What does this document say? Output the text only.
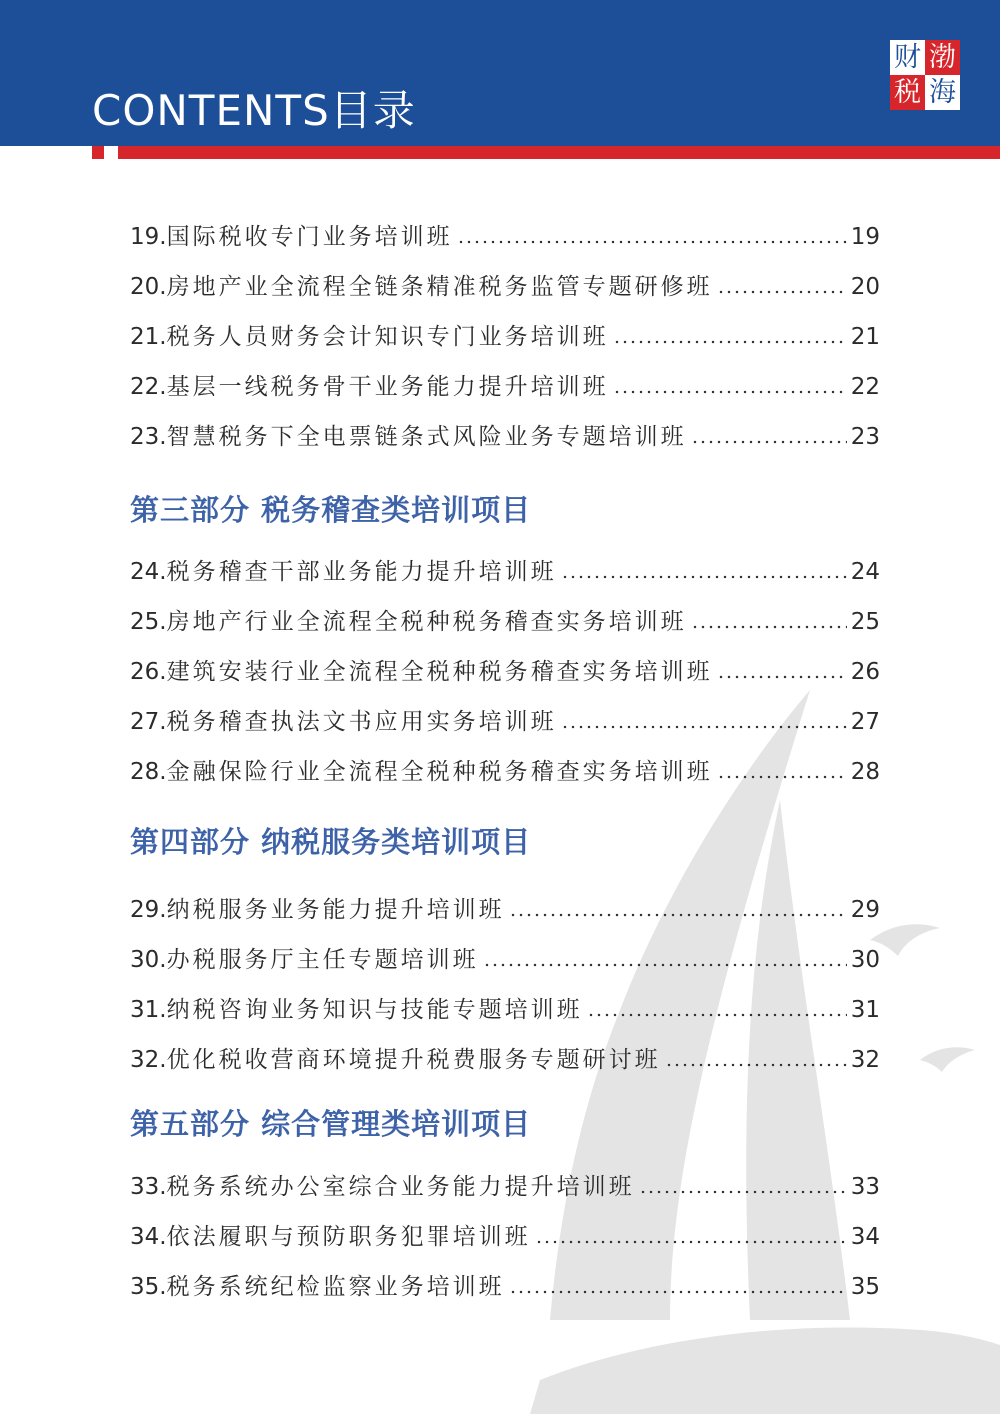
CONTENTS目录
财 渤
税 海
19. 国际税收专门业务培训班	19
20. 房地产业全流程全链条精准税务监管专题研修班	20
21. 税务人员财务会计知识专门业务培训班	21
22. 基层一线税务骨干业务能力提升培训班	22
23. 智慧税务下全电票链条式风险业务专题培训班	23
第三部分 税务稽查类培训项目
24. 税务稽查干部业务能力提升培训班	24
25. 房地产行业全流程全税种税务稽查实务培训班	25
26. 建筑安装行业全流程全税种税务稽查实务培训班	26
27. 税务稽查执法文书应用实务培训班	27
28. 金融保险行业全流程全税种税务稽查实务培训班	28
第四部分 纳税服务类培训项目
29. 纳税服务业务能力提升培训班	29
30. 办税服务厅主任专题培训班	30
31. 纳税咨询业务知识与技能专题培训班	31
32. 优化税收营商环境提升税费服务专题研讨班	32
第五部分 综合管理类培训项目
33. 税务系统办公室综合业务能力提升培训班	33
34. 依法履职与预防职务犯罪培训班	34
35. 税务系统纪检监察业务培训班	35
